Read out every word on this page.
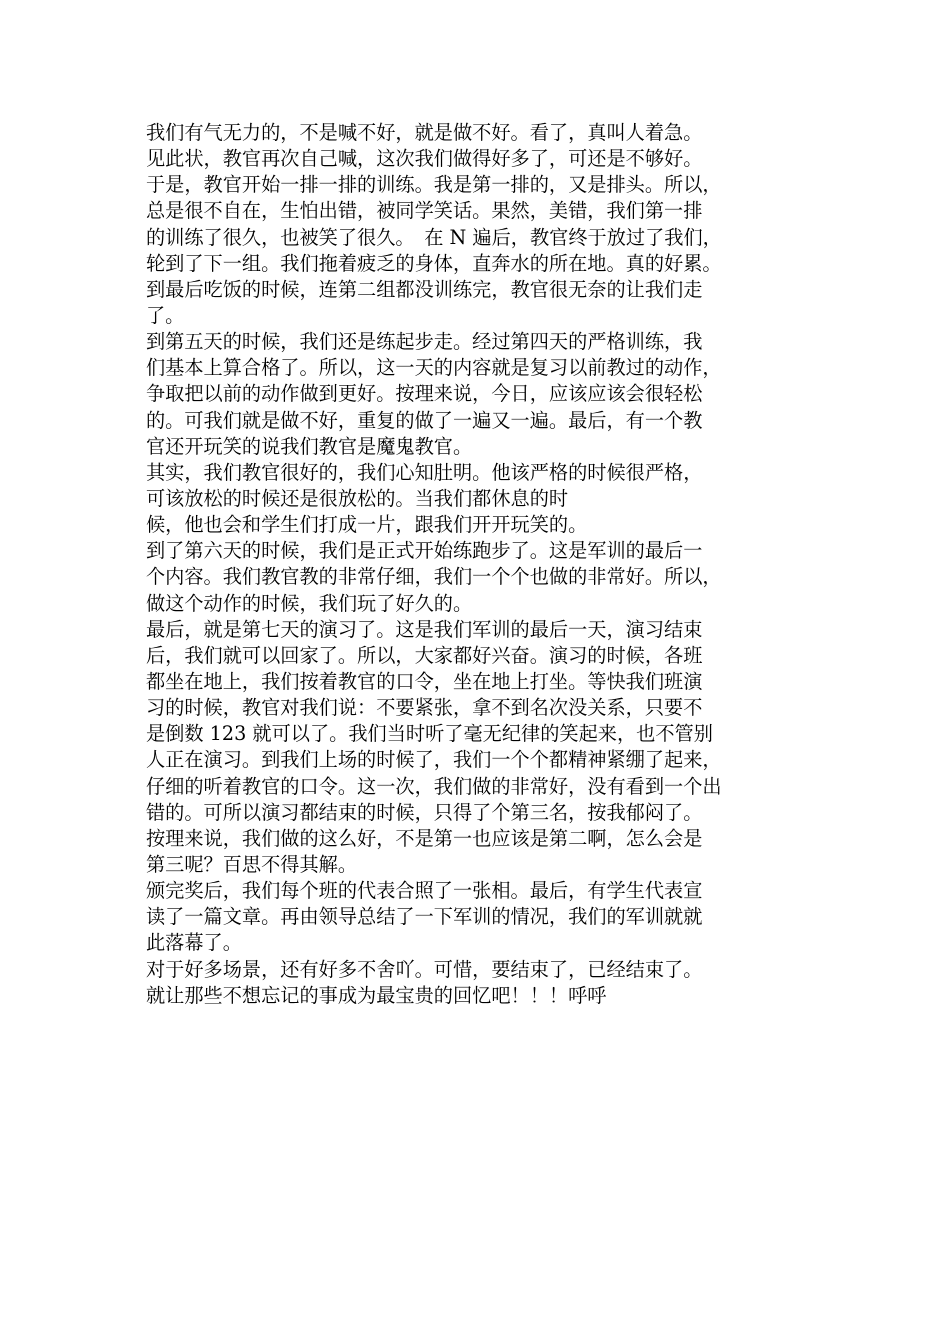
我们有气无力的，不是喊不好，就是做不好。看了，真叫人着急。
见此状，教官再次自己喊，这次我们做得好多了，可还是不够好。
于是，教官开始一排一排的训练。我是第一排的，又是排头。所以，
总是很不自在，生怕出错，被同学笑话。果然，美错，我们第一排
的训练了很久，也被笑了很久。　在 N 遍后，教官终于放过了我们，
轮到了下一组。我们拖着疲乏的身体，直奔水的所在地。真的好累。
到最后吃饭的时候，连第二组都没训练完，教官很无奈的让我们走
了。
到第五天的时候，我们还是练起步走。经过第四天的严格训练，我
们基本上算合格了。所以，这一天的内容就是复习以前教过的动作，
争取把以前的动作做到更好。按理来说，今日，应该应该会很轻松
的。可我们就是做不好，重复的做了一遍又一遍。最后，有一个教
官还开玩笑的说我们教官是魔鬼教官。
其实，我们教官很好的，我们心知肚明。他该严格的时候很严格，
可该放松的时候还是很放松的。当我们都休息的时
候，他也会和学生们打成一片，跟我们开开玩笑的。
到了第六天的时候，我们是正式开始练跑步了。这是军训的最后一
个内容。我们教官教的非常仔细，我们一个个也做的非常好。所以，
做这个动作的时候，我们玩了好久的。
最后，就是第七天的演习了。这是我们军训的最后一天，演习结束
后，我们就可以回家了。所以，大家都好兴奋。演习的时候，各班
都坐在地上，我们按着教官的口令，坐在地上打坐。等快我们班演
习的时候，教官对我们说：不要紧张，拿不到名次没关系，只要不
是倒数 123 就可以了。我们当时听了毫无纪律的笑起来，也不管别
人正在演习。到我们上场的时候了，我们一个个都精神紧绷了起来，
仔细的听着教官的口令。这一次，我们做的非常好，没有看到一个出
错的。可所以演习都结束的时候，只得了个第三名，按我郁闷了。
按理来说，我们做的这么好，不是第一也应该是第二啊，怎么会是
第三呢？百思不得其解。
颁完奖后，我们每个班的代表合照了一张相。最后，有学生代表宣
读了一篇文章。再由领导总结了一下军训的情况，我们的军训就就
此落幕了。
对于好多场景，还有好多不舍吖。可惜，要结束了，已经结束了。
就让那些不想忘记的事成为最宝贵的回忆吧！！！呼呼
